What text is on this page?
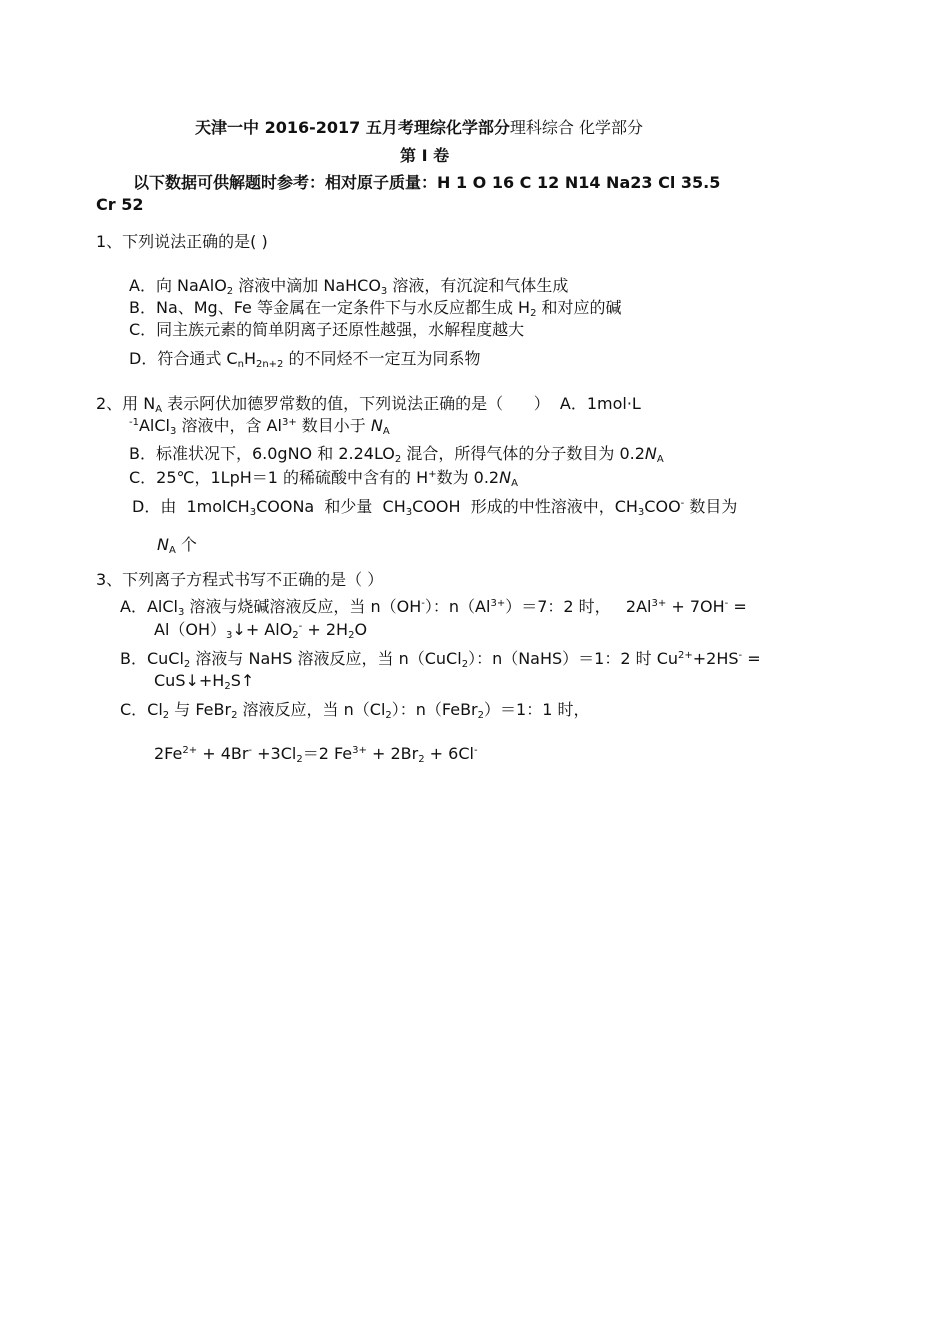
天津一中 2016-2017 五月考理综化学部分理科综合 化学部分
第 I 卷
以下数据可供解题时参考：相对原子质量：H 1 O 16 C 12 N14 Na23 Cl 35.5
Cr 52
1、下列说法正确的是( )
A．向 NaAlO$_2$ 溶液中滴加 NaHCO$_3$ 溶液，有沉淀和气体生成
B．Na、Mg、Fe 等金属在一定条件下与水反应都生成 $H_2$ 和对应的碱
C．同主族元素的简单阴离子还原性越强，水解程度越大
D．符合通式 $C_nH_{2n+2}$ 的不同烃不一定互为同系物
2、用 $N_A$ 表示阿伏加德罗常数的值，下列说法正确的是（      ）  A．1mol·L
$^{-1}$AlCl$_3$ 溶液中，含 $Al^{3+}$ 数目小于 $N_A$
B．标准状况下，6.0gNO 和 $2.24LO_2$ 混合，所得气体的分子数目为 $0.2N_A$
C．25℃，1LpH＝1 的稀硫酸中含有的 H+数为 $0.2N_A$
D．由  1molCH$_3$COONa  和少量  $CH_3COOH$  形成的中性溶液中，$CH_3COO^-$ 数目为
$N_A$ 个
3、下列离子方程式书写不正确的是（ ）
A．AlCl$_3$ 溶液与烧碱溶液反应，当 n（OH-）：$n(Al^{3+})=7$：2 时，   $2Al^{3+} + 7OH^-$ =
$Al(OH)_3↓+ AlO_2^- + 2H_2O$
B．CuCl$_2$ 溶液与 NaHS 溶液反应，当 n（CuCl$_2$）：n（NaHS）＝1：2 时 $Cu^{2+}+2HS^-$ =
$CuS↓+H_2S↑$
C．$Cl_2$ 与 FeBr$_2$ 溶液反应，当 $n(Cl_2)$：n（FeBr$_2$）＝1：1 时，
$2Fe^{2+} + 4Br^- +3Cl_2=2$ $Fe^{3+} + 2Br_2 + 6Cl^-$
